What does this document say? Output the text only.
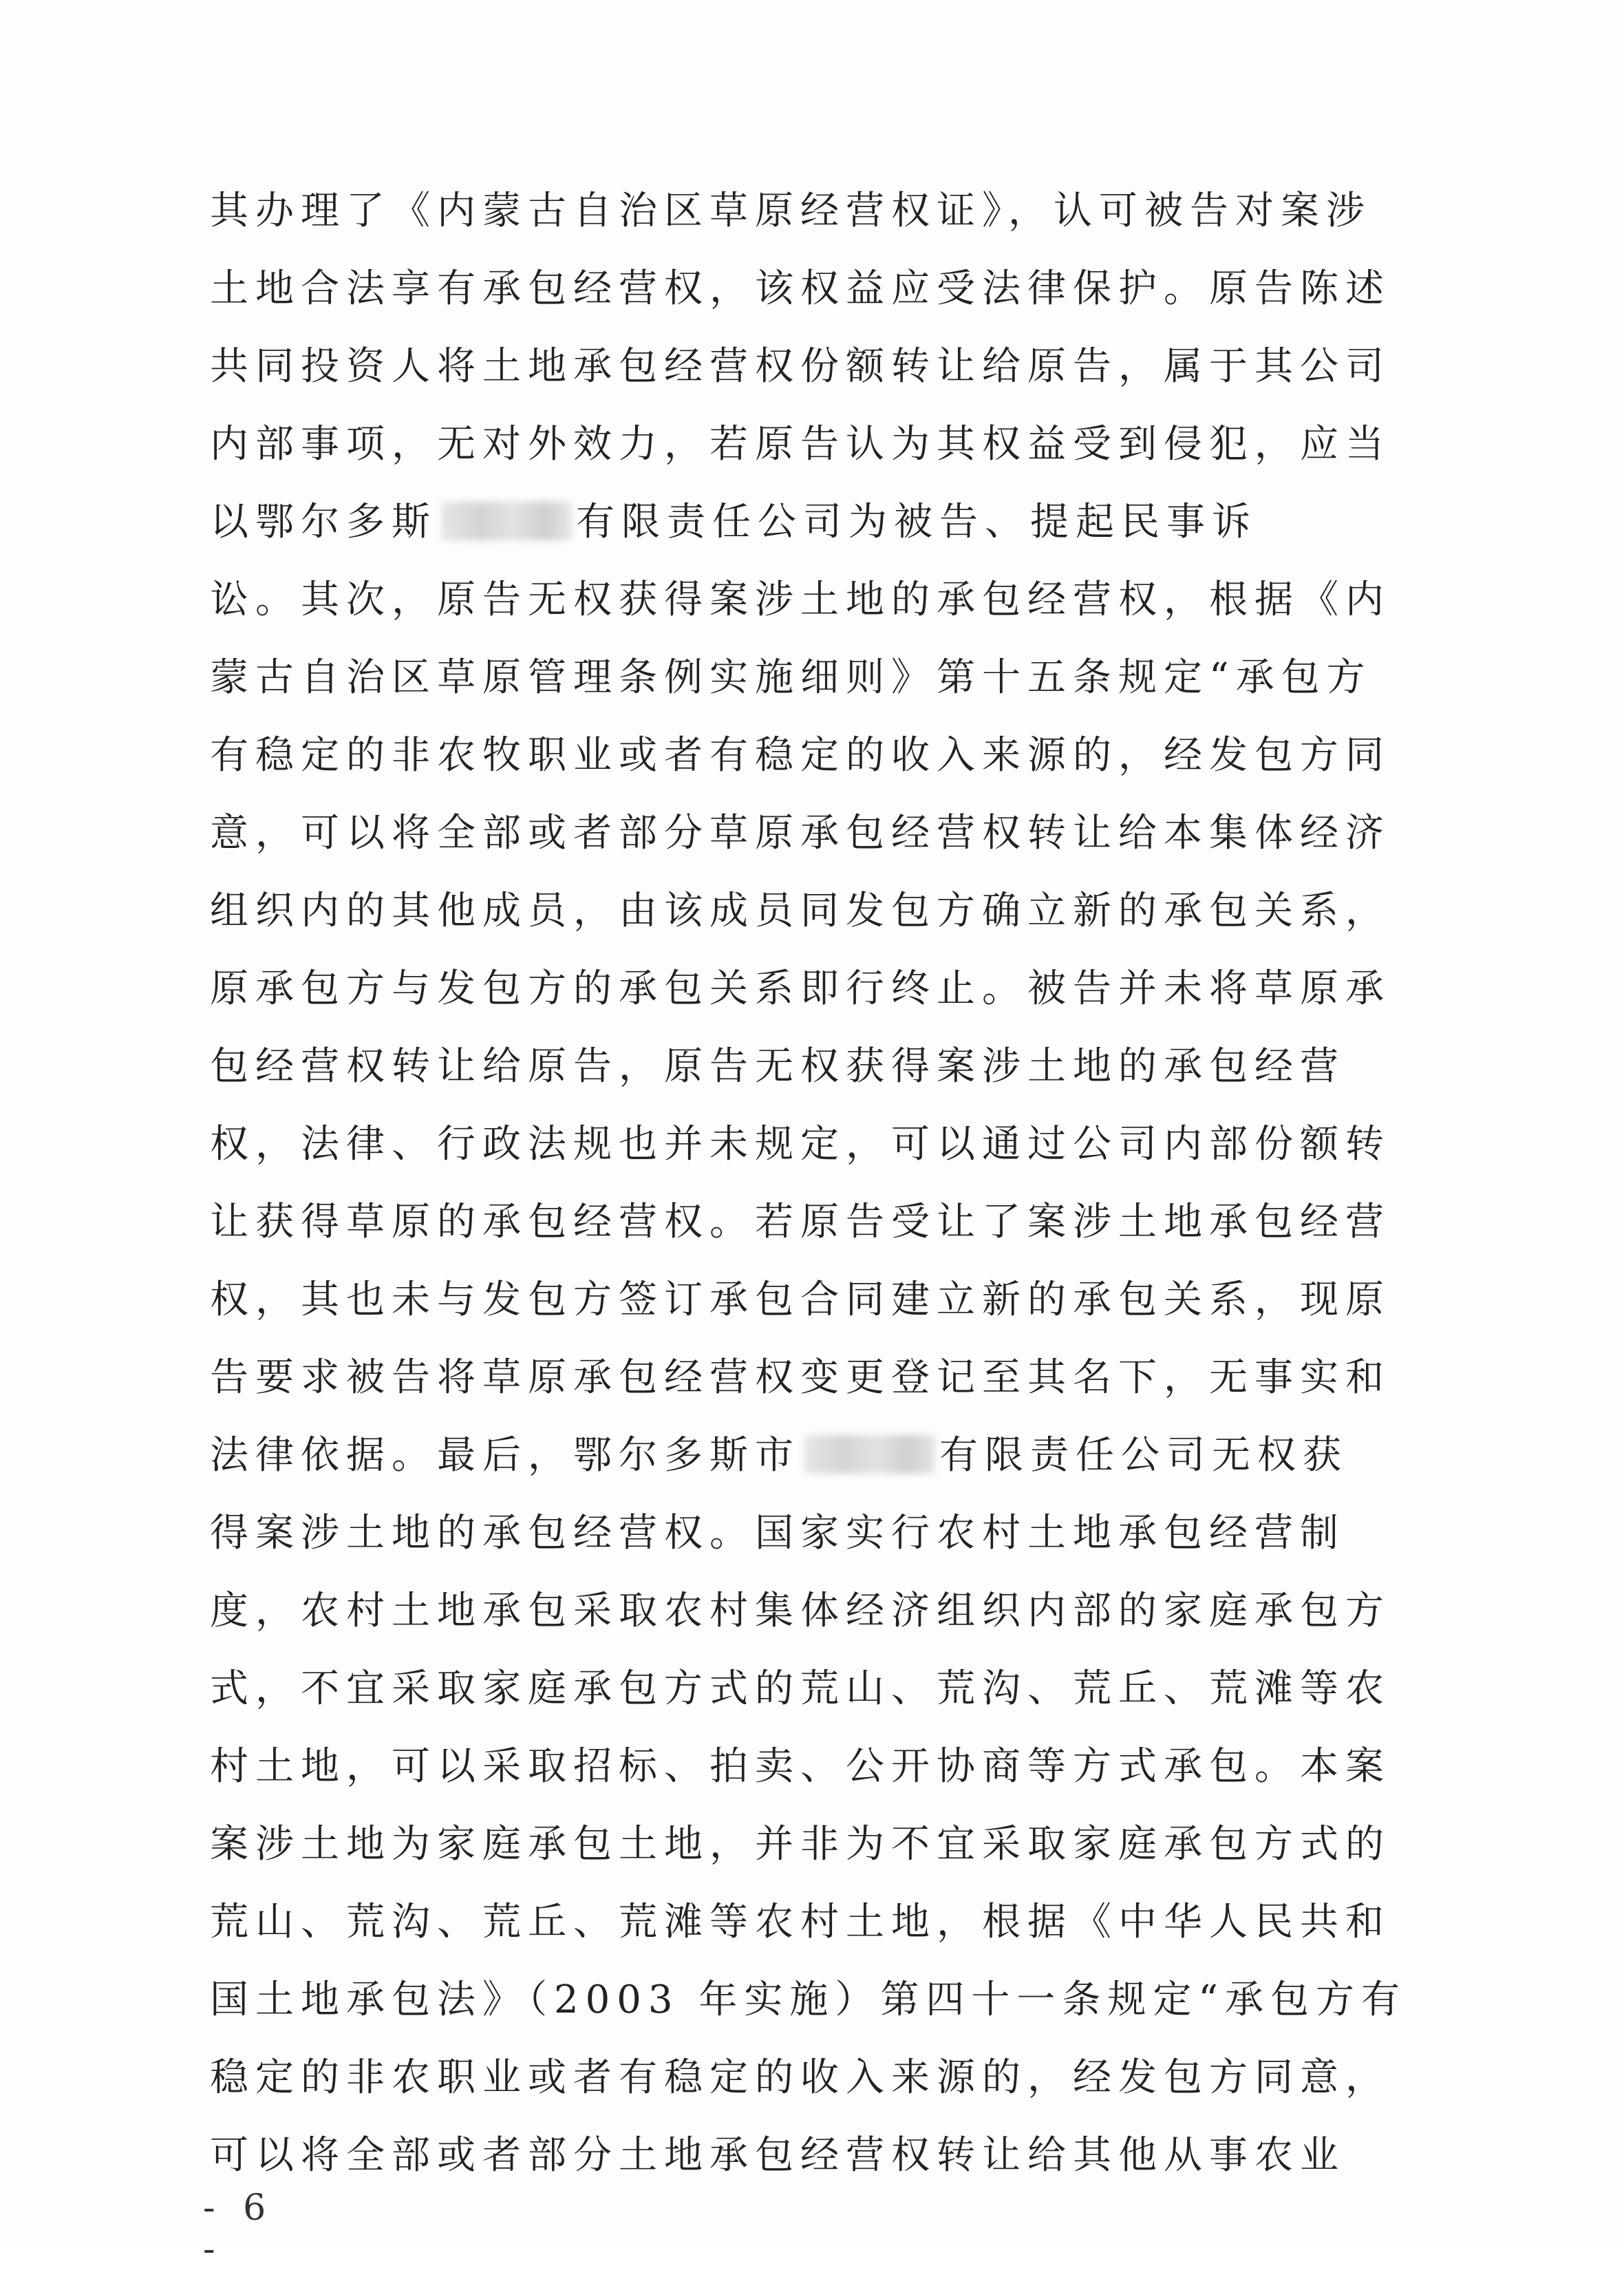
其办理了《内蒙古自治区草原经营权证》，认可被告对案涉
土地合法享有承包经营权，该权益应受法律保护。原告陈述
共同投资人将土地承包经营权份额转让给原告，属于其公司
内部事项，无对外效力，若原告认为其权益受到侵犯，应当
以鄂尔多斯	有限责任公司为被告、提起民事诉
讼。其次，原告无权获得案涉土地的承包经营权，根据《内
蒙古自治区草原管理条例实施细则》第十五条规定“承包方
有稳定的非农牧职业或者有稳定的收入来源的，经发包方同
意，可以将全部或者部分草原承包经营权转让给本集体经济
组织内的其他成员，由该成员同发包方确立新的承包关系，
原承包方与发包方的承包关系即行终止。被告并未将草原承
包经营权转让给原告，原告无权获得案涉土地的承包经营
权，法律、行政法规也并未规定，可以通过公司内部份额转
让获得草原的承包经营权。若原告受让了案涉土地承包经营
权，其也未与发包方签订承包合同建立新的承包关系，现原
告要求被告将草原承包经营权变更登记至其名下，无事实和
法律依据。最后，鄂尔多斯市	有限责任公司无权获
得案涉土地的承包经营权。国家实行农村土地承包经营制
度，农村土地承包采取农村集体经济组织内部的家庭承包方
式，不宜采取家庭承包方式的荒山、荒沟、荒丘、荒滩等农
村土地，可以采取招标、拍卖、公开协商等方式承包。本案
案涉土地为家庭承包土地，并非为不宜采取家庭承包方式的
荒山、荒沟、荒丘、荒滩等农村土地，根据《中华人民共和
国土地承包法》（2003 年实施）第四十一条规定“承包方有
稳定的非农职业或者有稳定的收入来源的，经发包方同意，
可以将全部或者部分土地承包经营权转让给其他从事农业
- 6 -
